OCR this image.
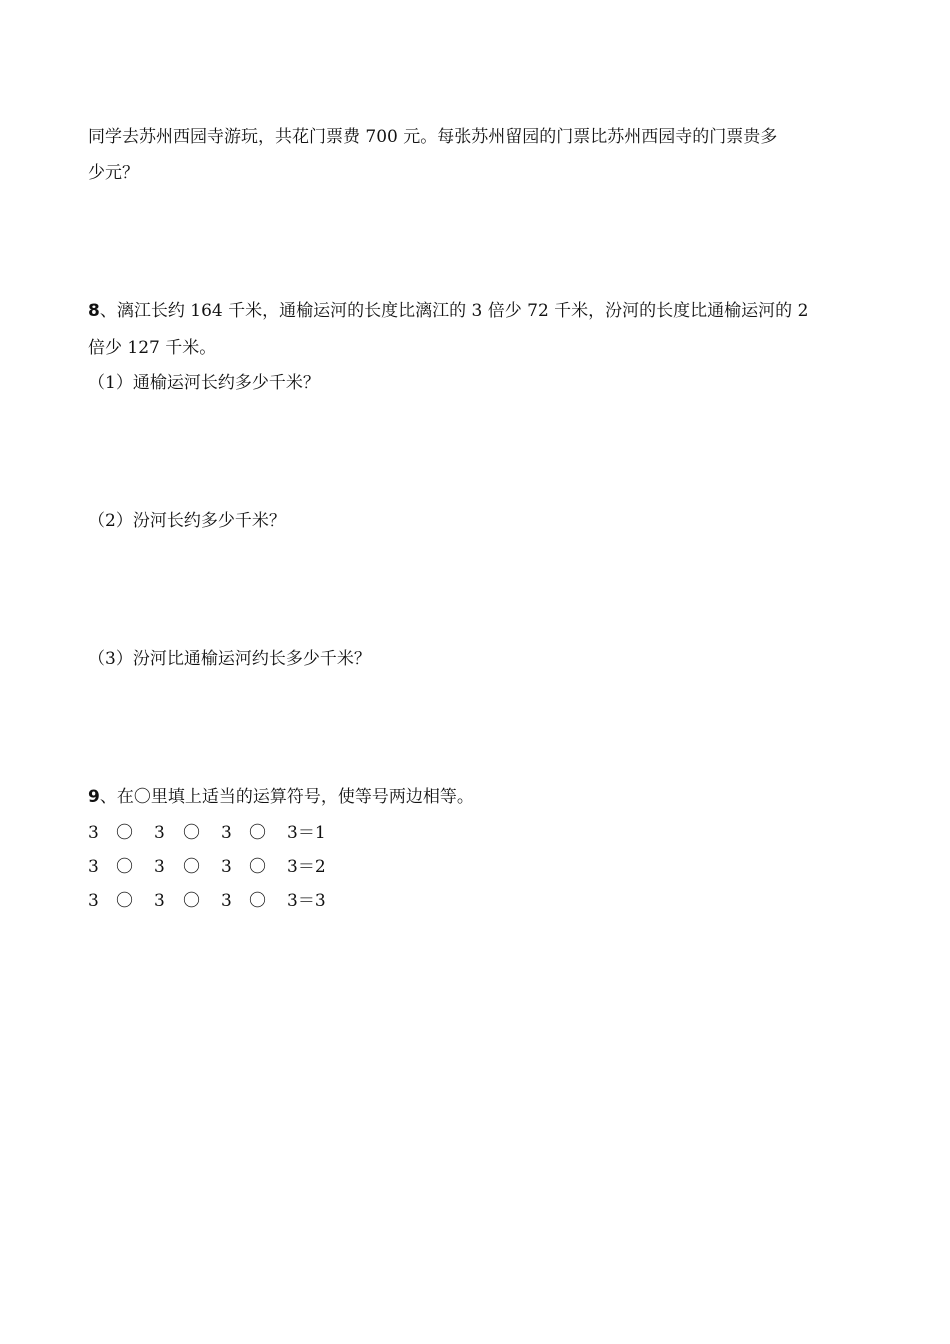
同学去苏州西园寺游玩，共花门票费 700 元。每张苏州留园的门票比苏州西园寺的门票贵多
少元？
8、漓江长约 164 千米，通榆运河的长度比漓江的 3 倍少 72 千米，汾河的长度比通榆运河的 2
倍少 127 千米。
（1）通榆运河长约多少千米？
（2）汾河长约多少千米？
（3）汾河比通榆运河约长多少千米？
9、在〇里填上适当的运算符号，使等号两边相等。
3 〇 3 〇 3 〇 3＝1
3 〇 3 〇 3 〇 3＝2
3 〇 3 〇 3 〇 3＝3
